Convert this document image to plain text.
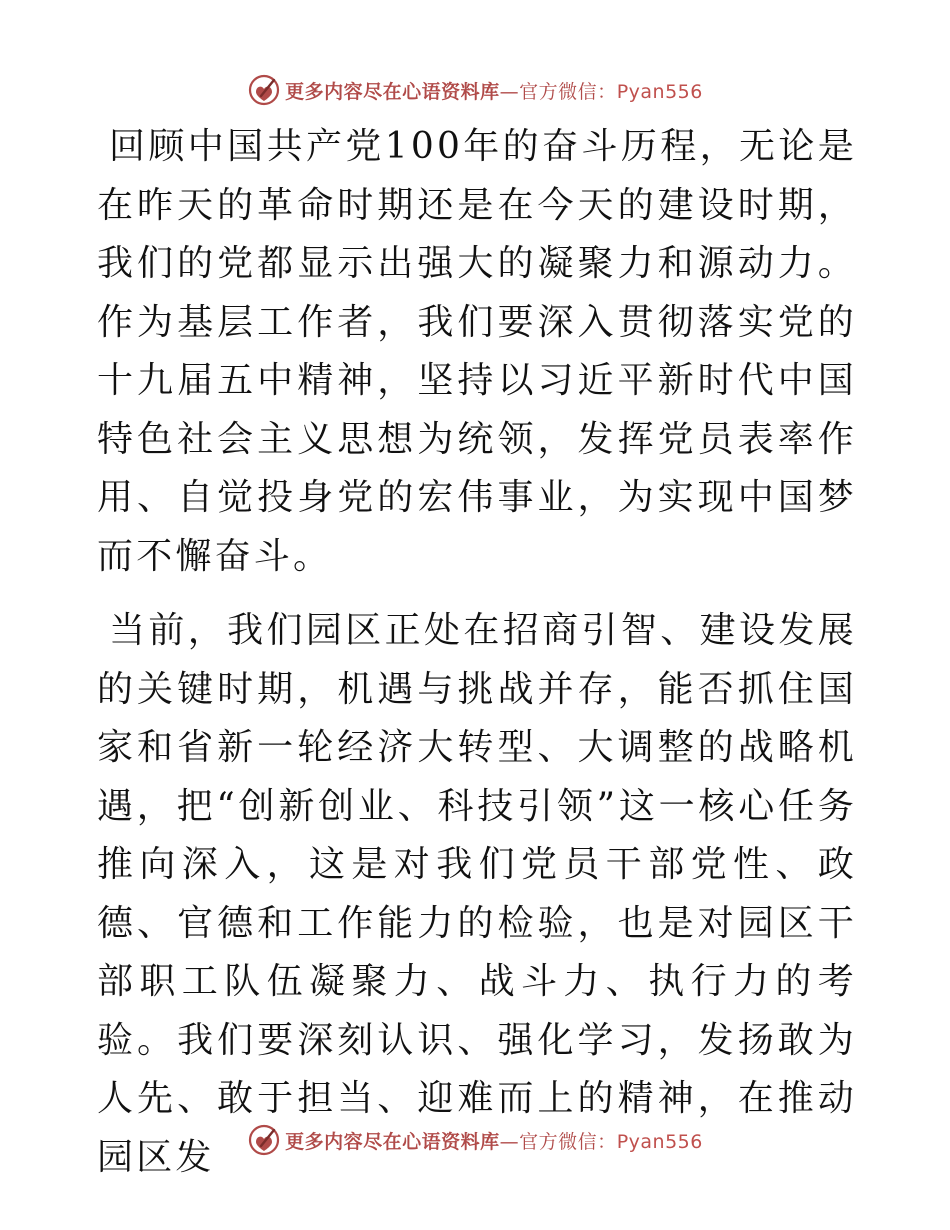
更多内容尽在心语资料库—官方微信：Pyan556

回顾中国共产党100年的奋斗历程，无论是在昨天的革命时期还是在今天的建设时期，我们的党都显示出强大的凝聚力和源动力。作为基层工作者，我们要深入贯彻落实党的十九届五中精神，坚持以习近平新时代中国特色社会主义思想为统领，发挥党员表率作用、自觉投身党的宏伟事业，为实现中国梦而不懈奋斗。

当前，我们园区正处在招商引智、建设发展的关键时期，机遇与挑战并存，能否抓住国家和省新一轮经济大转型、大调整的战略机遇，把“创新创业、科技引领”这一核心任务推向深入，这是对我们党员干部党性、政德、官德和工作能力的检验，也是对园区干部职工队伍凝聚力、战斗力、执行力的考验。我们要深刻认识、强化学习，发扬敢为人先、敢于担当、迎难而上的精神，在推动园区发	更多内容尽在心语资料库—官方微信：Pyan556
